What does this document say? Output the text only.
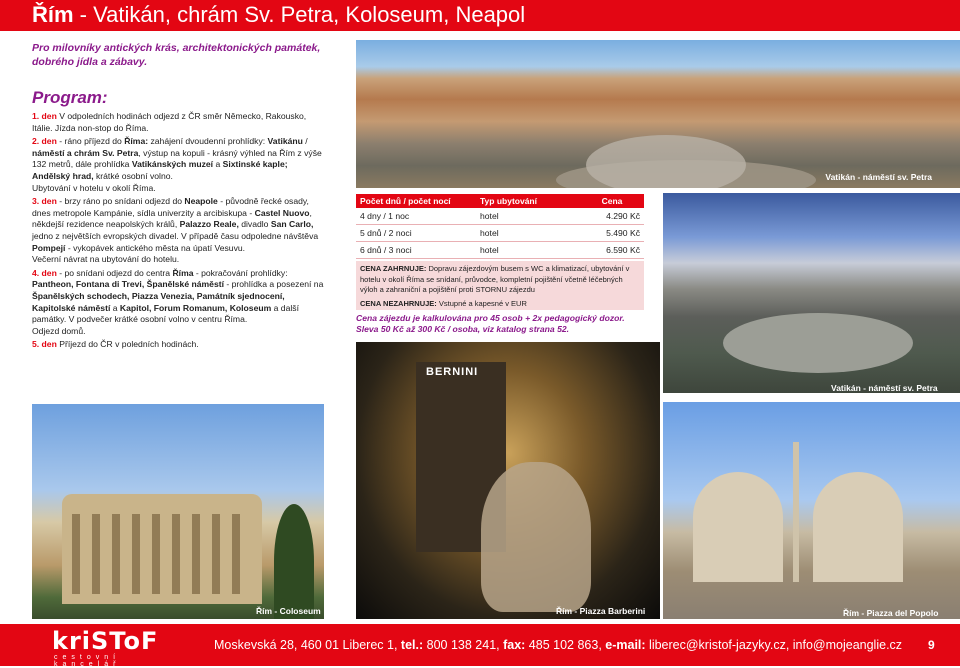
Řím - Vatikán, chrám Sv. Petra, Koloseum, Neapol
Pro milovníky antických krás, architektonických památek, dobrého jídla a zábavy.
Program:

1. den V odpoledních hodinách odjezd z ČR směr Německo, Rakousko, Itálie. Jízda non-stop do Říma.

2. den - ráno příjezd do Říma: zahájení dvoudenní prohlídky: Vatikánu / náměstí a chrám Sv. Petra, výstup na kopuli - krásný výhled na Řím z výše 132 metrů, dále prohlídka Vatikánských muzeí a Sixtinské kaple; Andělský hrad, krátké osobní volno.
Ubytování v hotelu v okolí Říma.

3. den - brzy ráno po snídani odjezd do Neapole - původně řecké osady, dnes metropole Kampánie, sídla univerzity a arcibiskupa - Castel Nuovo, někdejší rezidence neapolských králů, Palazzo Reale, divadlo San Carlo, jedno z největších evropských divadel. V případě času odpoledne návštěva Pompejí - vykopávek antického města na úpatí Vesuvu.
Večerní návrat na ubytování do hotelu.

4. den - po snídani odjezd do centra Říma - pokračování prohlídky: Pantheon, Fontana di Trevi, Španělské náměstí - prohlídka a posezení na Španělských schodech, Piazza Venezia, Památník sjednocení, Kapitolské náměstí a Kapitol, Forum Romanum, Koloseum a další památky. V podvečer krátké osobní volno v centru Říma.
Odjezd domů.

5. den Příjezd do ČR v poledních hodinách.

Vatikán - náměstí sv. Petra
Vatikán - náměstí sv. Petra
Počet dnů / počet nocí	Typ ubytování	Cena
4 dny / 1 noc	hotel	4.290 Kč
5 dnů / 2 noci	hotel	5.490 Kč
6 dnů / 3 noci	hotel	6.590 Kč
CENA ZAHRNUJE: Dopravu zájezdovým busem s WC a klimatizací, ubytování v hotelu v okolí Říma se snídaní, průvodce, kompletní pojištění včetně léčebných výloh a zahraniční a pojištění proti STORNU zájezdu
CENA NEZAHRNUJE: Vstupné a kapesné v EUR
Cena zájezdu je kalkulována pro 45 osob + 2x pedagogický dozor.
Sleva 50 Kč až 300 Kč / osoba, viz katalog strana 52.
BERNINI
Řím - Piazza Barberini
Řím - Coloseum	Řím - Piazza del Popolo
kriSToF
cestovní kancelář
Moskevská 28, 460 01 Liberec 1, tel.: 800 138 241, fax: 485 102 863, e-mail: liberec@kristof-jazyky.cz, info@mojeanglie.cz 9
